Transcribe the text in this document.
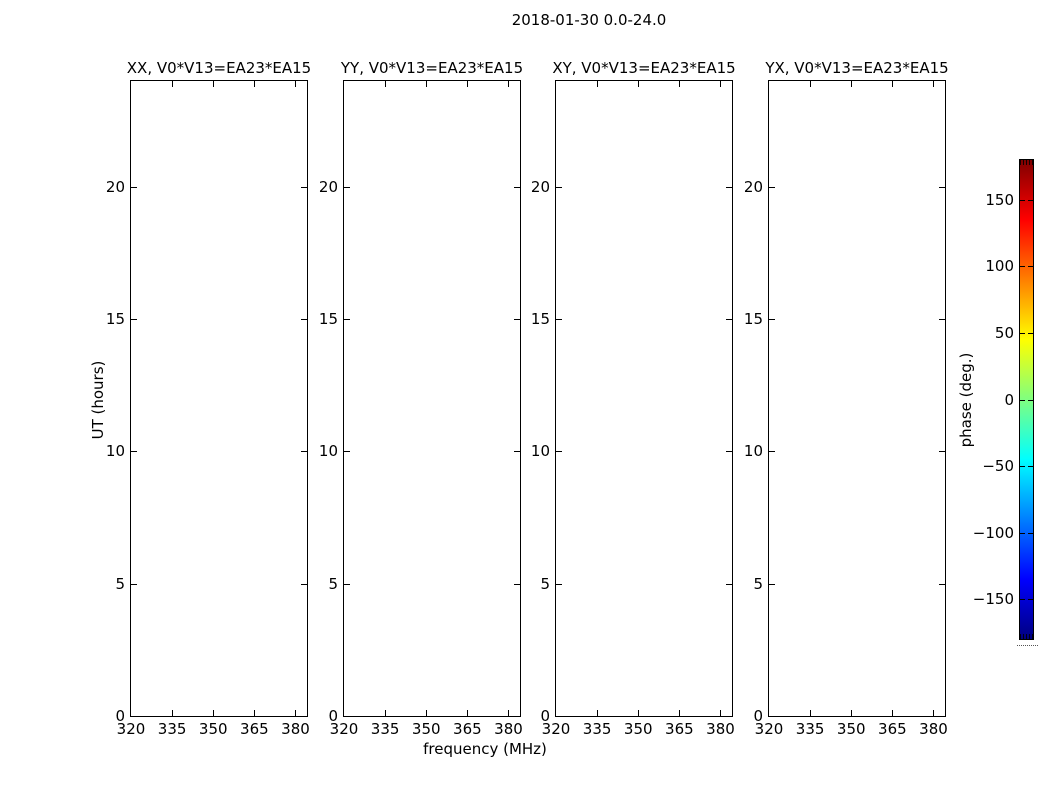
2018-01-30 0.0-24.0
XX, V0*V13=EA23*EA15
320 335 350 365 380
0
5
10
15
20
YY, V0*V13=EA23*EA15
320 335 350 365 380
0
5
10
15
20
XY, V0*V13=EA23*EA15
320 335 350 365 380
0
5
10
15
20
YX, V0*V13=EA23*EA15
320 335 350 365 380
0
5
10
15
20
UT (hours)
frequency (MHz)
150
100
50
0
−50
−100
−150
phase (deg.)
